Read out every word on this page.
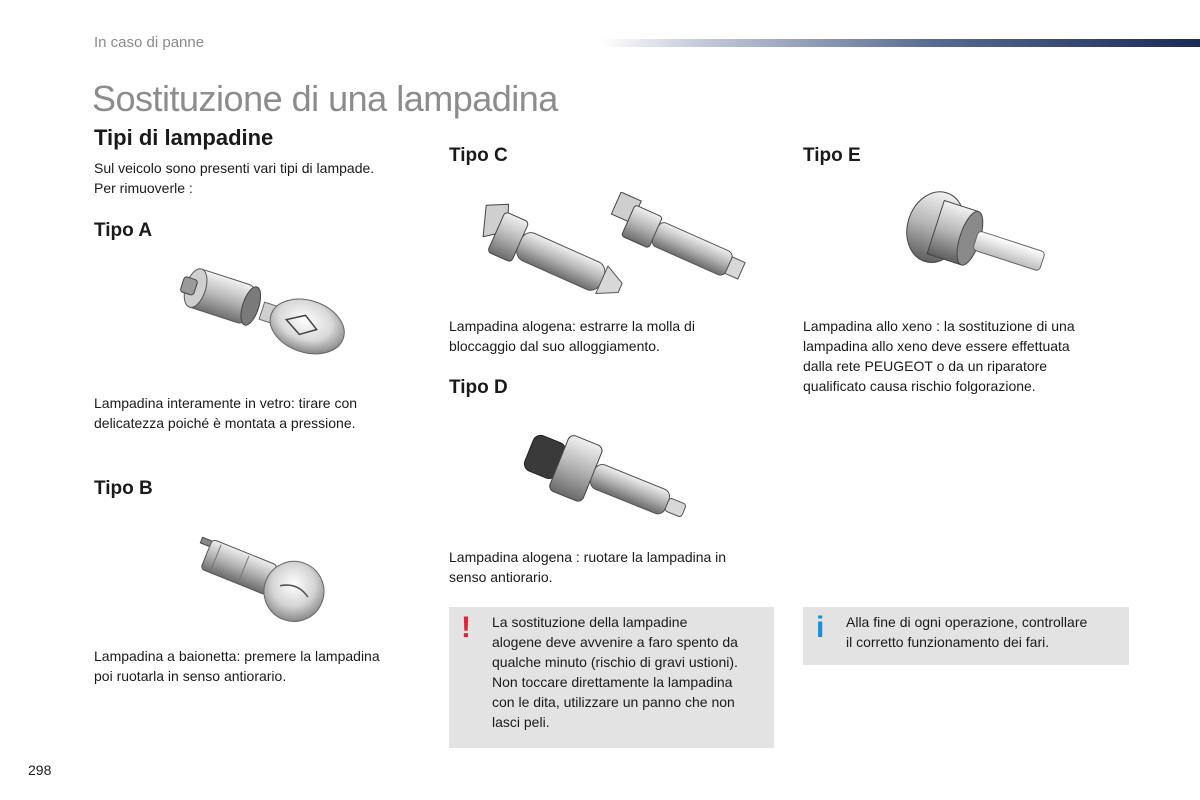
In caso di panne
Sostituzione di una lampadina
Tipi di lampadine
Sul veicolo sono presenti vari tipi di lampade.
Per rimuoverle :
Tipo A
Lampadina interamente in vetro: tirare con
delicatezza poiché è montata a pressione.
Tipo B
Lampadina a baionetta: premere la lampadina
poi ruotarla in senso antiorario.
Tipo C
Lampadina alogena: estrarre la molla di
bloccaggio dal suo alloggiamento.
Tipo D
Lampadina alogena : ruotare la lampadina in
senso antiorario.
! La sostituzione della lampadine
alogene deve avvenire a faro spento da
qualche minuto (rischio di gravi ustioni).
Non toccare direttamente la lampadina
con le dita, utilizzare un panno che non
lasci peli.
Tipo E
Lampadina allo xeno : la sostituzione di una
lampadina allo xeno deve essere effettuata
dalla rete PEUGEOT o da un riparatore
qualificato causa rischio folgorazione.
i Alla fine di ogni operazione, controllare
il corretto funzionamento dei fari.
298
